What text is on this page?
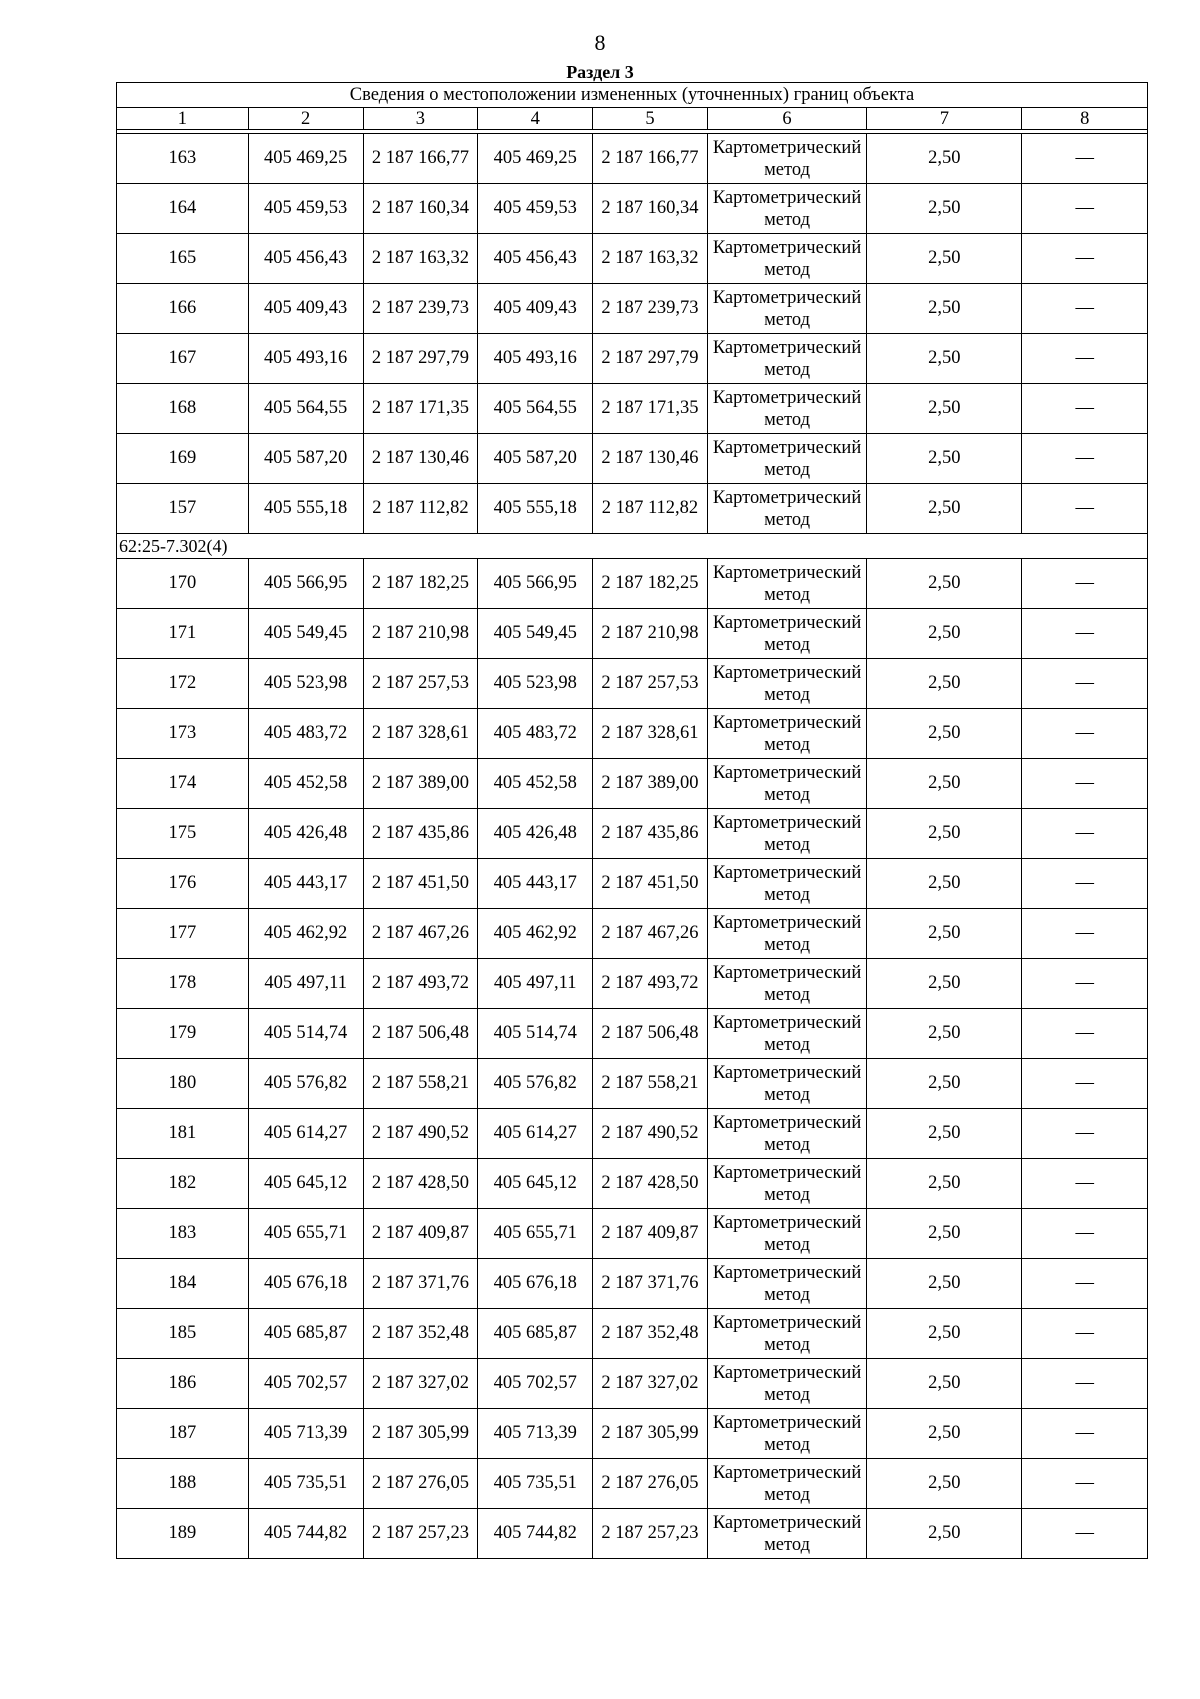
8
Раздел 3
Сведения о местоположении измененных (уточненных) границ объекта							
1	2	3	4	5	6	7	8

163	405 469,25	2 187 166,77	405 469,25	2 187 166,77	Картометрический метод	2,50	—
164	405 459,53	2 187 160,34	405 459,53	2 187 160,34	Картометрический метод	2,50	—
165	405 456,43	2 187 163,32	405 456,43	2 187 163,32	Картометрический метод	2,50	—
166	405 409,43	2 187 239,73	405 409,43	2 187 239,73	Картометрический метод	2,50	—
167	405 493,16	2 187 297,79	405 493,16	2 187 297,79	Картометрический метод	2,50	—
168	405 564,55	2 187 171,35	405 564,55	2 187 171,35	Картометрический метод	2,50	—
169	405 587,20	2 187 130,46	405 587,20	2 187 130,46	Картометрический метод	2,50	—
157	405 555,18	2 187 112,82	405 555,18	2 187 112,82	Картометрический метод	2,50	—
62:25-7.302(4)							
170	405 566,95	2 187 182,25	405 566,95	2 187 182,25	Картометрический метод	2,50	—
171	405 549,45	2 187 210,98	405 549,45	2 187 210,98	Картометрический метод	2,50	—
172	405 523,98	2 187 257,53	405 523,98	2 187 257,53	Картометрический метод	2,50	—
173	405 483,72	2 187 328,61	405 483,72	2 187 328,61	Картометрический метод	2,50	—
174	405 452,58	2 187 389,00	405 452,58	2 187 389,00	Картометрический метод	2,50	—
175	405 426,48	2 187 435,86	405 426,48	2 187 435,86	Картометрический метод	2,50	—
176	405 443,17	2 187 451,50	405 443,17	2 187 451,50	Картометрический метод	2,50	—
177	405 462,92	2 187 467,26	405 462,92	2 187 467,26	Картометрический метод	2,50	—
178	405 497,11	2 187 493,72	405 497,11	2 187 493,72	Картометрический метод	2,50	—
179	405 514,74	2 187 506,48	405 514,74	2 187 506,48	Картометрический метод	2,50	—
180	405 576,82	2 187 558,21	405 576,82	2 187 558,21	Картометрический метод	2,50	—
181	405 614,27	2 187 490,52	405 614,27	2 187 490,52	Картометрический метод	2,50	—
182	405 645,12	2 187 428,50	405 645,12	2 187 428,50	Картометрический метод	2,50	—
183	405 655,71	2 187 409,87	405 655,71	2 187 409,87	Картометрический метод	2,50	—
184	405 676,18	2 187 371,76	405 676,18	2 187 371,76	Картометрический метод	2,50	—
185	405 685,87	2 187 352,48	405 685,87	2 187 352,48	Картометрический метод	2,50	—
186	405 702,57	2 187 327,02	405 702,57	2 187 327,02	Картометрический метод	2,50	—
187	405 713,39	2 187 305,99	405 713,39	2 187 305,99	Картометрический метод	2,50	—
188	405 735,51	2 187 276,05	405 735,51	2 187 276,05	Картометрический метод	2,50	—
189	405 744,82	2 187 257,23	405 744,82	2 187 257,23	Картометрический метод	2,50	—
